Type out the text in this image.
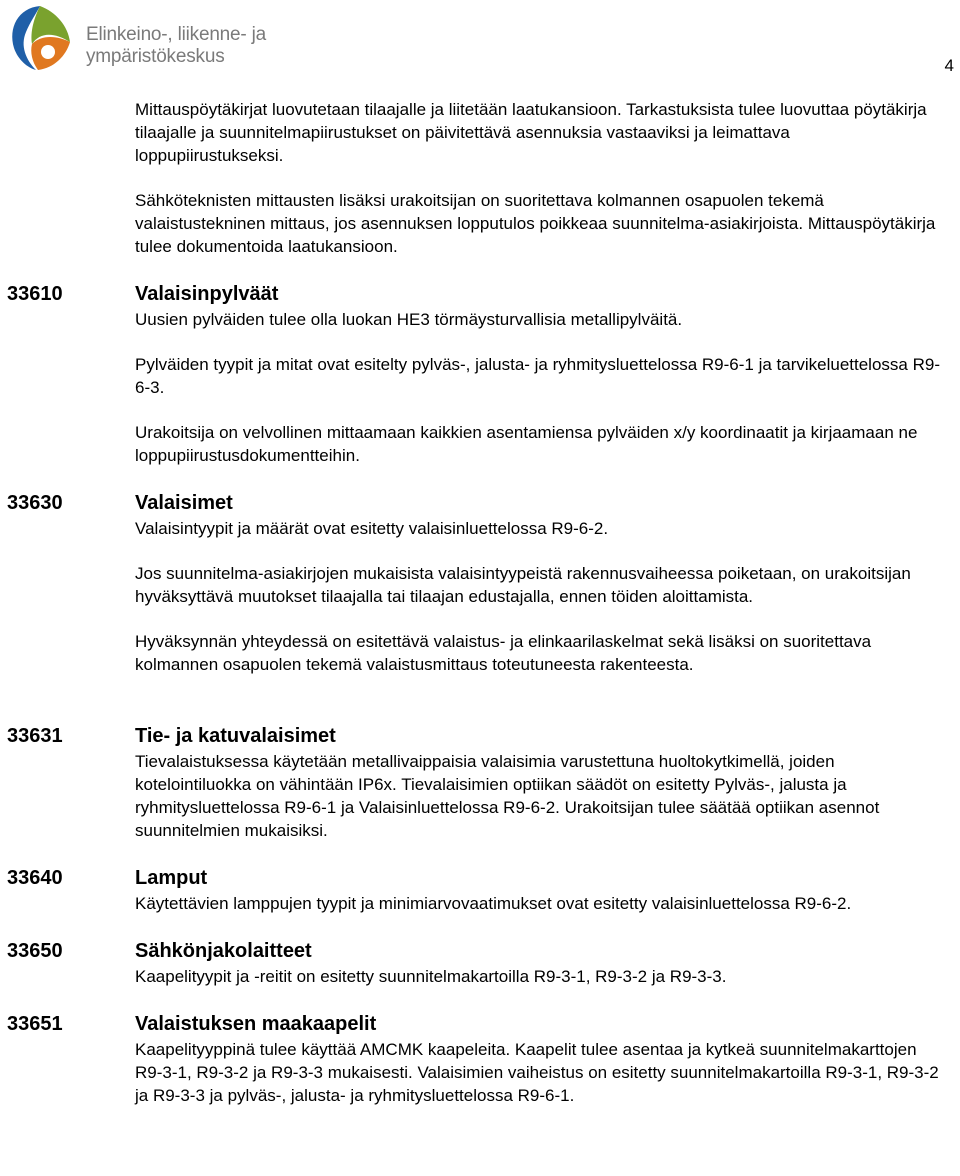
Elinkeino-, liikenne- ja
ympäristökeskus	4

Mittauspöytäkirjat luovutetaan tilaajalle ja liitetään laatukansioon. Tarkastuksista tulee luovuttaa pöytäkirja tilaajalle ja suunnitelmapiirustukset on päivitettävä asennuksia vastaaviksi ja leimattava loppupiirustukseksi.

Sähköteknisten mittausten lisäksi urakoitsijan on suoritettava kolmannen osapuolen tekemä valaistustekninen mittaus, jos asennuksen lopputulos poikkeaa suunnitelma-asiakirjoista. Mittauspöytäkirja tulee dokumentoida laatukansioon.

33610	Valaisinpylväät

Uusien pylväiden tulee olla luokan HE3 törmäysturvallisia metallipylväitä.

Pylväiden tyypit ja mitat ovat esitelty pylväs-, jalusta- ja ryhmitysluettelossa R9-6-1 ja tarvikeluettelossa R9-6-3.

Urakoitsija on velvollinen mittaamaan kaikkien asentamiensa pylväiden x/y koordinaatit ja kirjaamaan ne loppupiirustusdokumentteihin.

33630	Valaisimet

Valaisintyypit ja määrät ovat esitetty valaisinluettelossa R9-6-2.

Jos suunnitelma-asiakirjojen mukaisista valaisintyypeistä rakennusvaiheessa poiketaan, on urakoitsijan hyväksyttävä muutokset tilaajalla tai tilaajan edustajalla, ennen töiden aloittamista.

Hyväksynnän yhteydessä on esitettävä valaistus- ja elinkaarilaskelmat sekä lisäksi on suoritettava kolmannen osapuolen tekemä valaistusmittaus toteutuneesta rakenteesta.

33631	Tie- ja katuvalaisimet

Tievalaistuksessa käytetään metallivaippaisia valaisimia varustettuna huoltokytkimellä, joiden kotelointiluokka on vähintään IP6x. Tievalaisimien optiikan säädöt on esitetty Pylväs-, jalusta ja ryhmitysluettelossa R9-6-1 ja Valaisinluettelossa R9-6-2. Urakoitsijan tulee säätää optiikan asennot suunnitelmien mukaisiksi.

33640	Lamput

Käytettävien lamppujen tyypit ja minimiarvovaatimukset ovat esitetty valaisinluettelossa R9-6-2.

33650	Sähkönjakolaitteet

Kaapelityypit ja -reitit on esitetty suunnitelmakartoilla R9-3-1, R9-3-2 ja R9-3-3.

33651	Valaistuksen maakaapelit

Kaapelityyppinä tulee käyttää AMCMK kaapeleita. Kaapelit tulee asentaa ja kytkeä suunnitelmakarttojen R9-3-1, R9-3-2 ja R9-3-3 mukaisesti. Valaisimien vaiheistus on esitetty suunnitelmakartoilla R9-3-1, R9-3-2 ja R9-3-3 ja pylväs-, jalusta- ja ryhmitysluettelossa R9-6-1.
